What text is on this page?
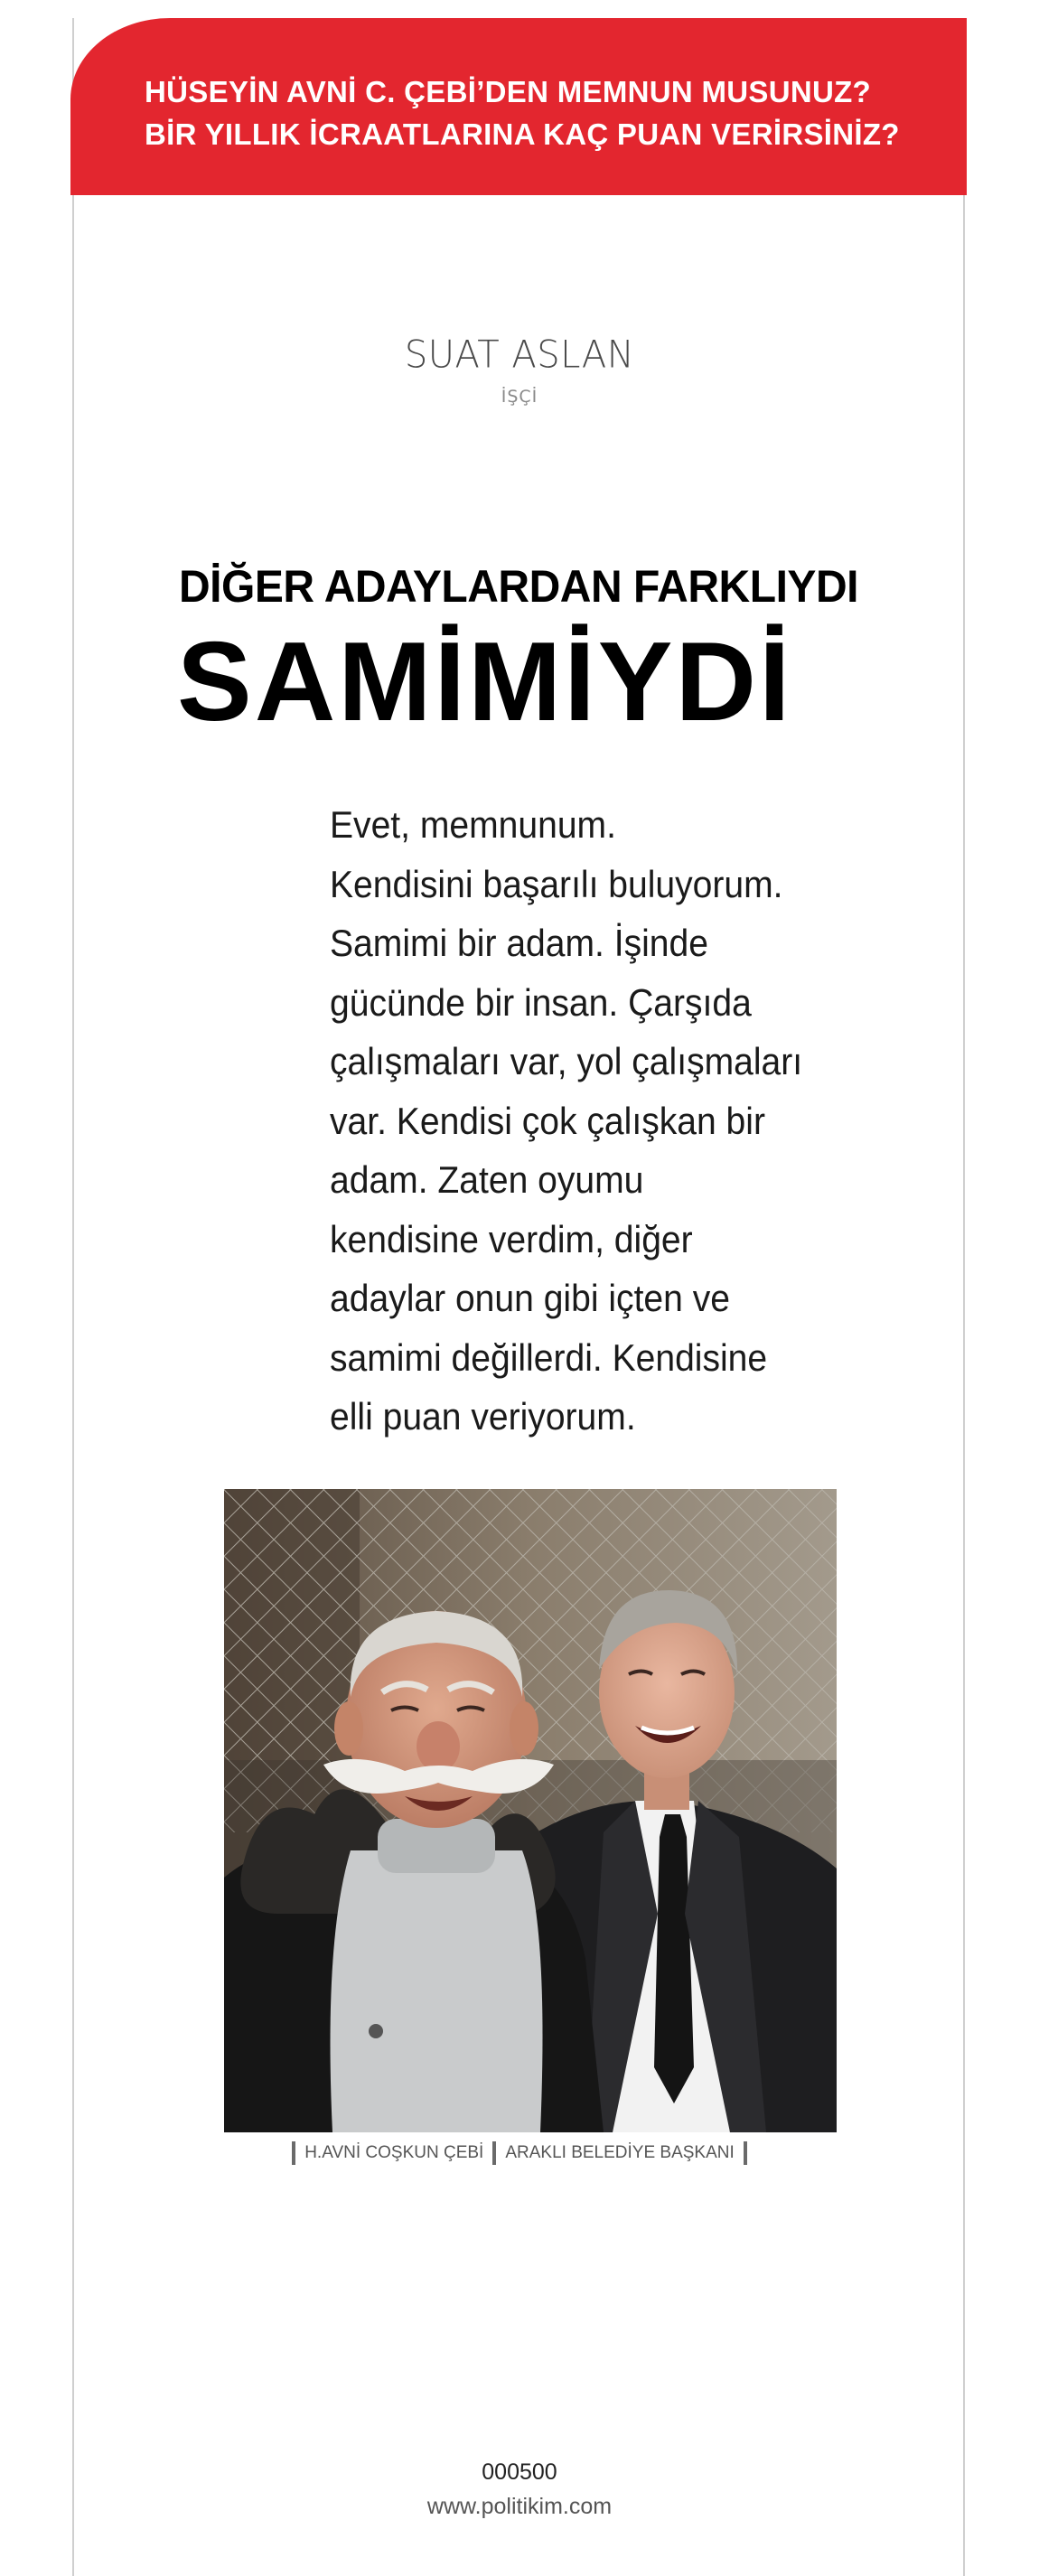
HÜSEYİN AVNİ C. ÇEBİ’DEN MEMNUN MUSUNUZ?
BİR YILLIK İCRAATLARINA KAÇ PUAN VERİRSİNİZ?
SUAT ASLAN
İŞÇİ
DİĞER ADAYLARDAN FARKLIYDI
SAMİMİYDİ
Evet, memnunum.
Kendisini başarılı buluyorum.
Samimi bir adam. İşinde
gücünde bir insan. Çarşıda
çalışmaları var, yol çalışmaları
var. Kendisi çok çalışkan bir
adam. Zaten oyumu
kendisine verdim, diğer
adaylar onun gibi içten ve
samimi değillerdi. Kendisine
elli puan veriyorum.
H.AVNİ COŞKUN ÇEBİ ARAKLI BELEDİYE BAŞKANI
000500
www.politikim.com
